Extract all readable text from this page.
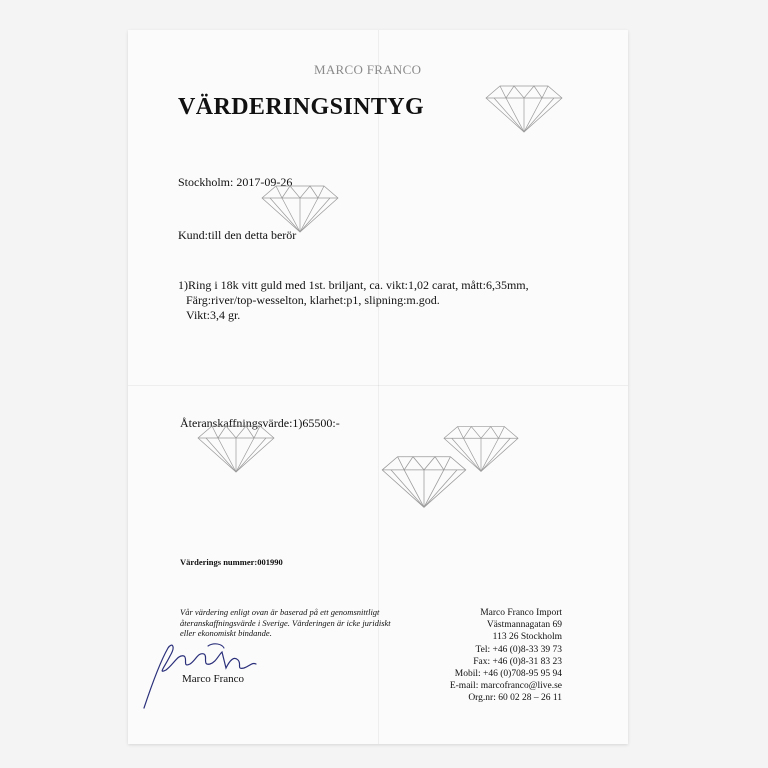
MARCO FRANCO
VÄRDERINGSINTYG
Stockholm: 2017-09-26
Kund:till den detta berör
1)Ring i 18k vitt guld med 1st. briljant, ca. vikt:1,02 carat, mått:6,35mm,
Färg:river/top-wesselton, klarhet:p1, slipning:m.god.
Vikt:3,4 gr.
Återanskaffningsvärde:1)65500:-
Värderings nummer:001990
Vår värdering enligt ovan är baserad på ett genomsnittligt
återanskaffningsvärde i Sverige. Värderingen är icke juridiskt
eller ekonomiskt bindande.
Marco Franco Import
Västmannagatan 69
113 26 Stockholm
Tel: +46 (0)8-33 39 73
Fax: +46 (0)8-31 83 23
Mobil: +46 (0)708-95 95 94
E-mail: marcofranco@live.se
Org.nr: 60 02 28 – 26 11
Marco Franco
